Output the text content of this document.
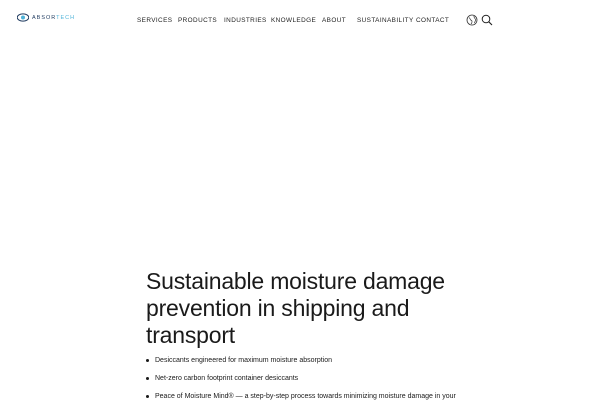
ABSORTECH	SERVICES PRODUCTS INDUSTRIES KNOWLEDGE ABOUT SUSTAINABILITY CONTACT
Sustainable moisture damage prevention in shipping and transport
Desiccants engineered for maximum moisture absorption
Net-zero carbon footprint container desiccants
Peace of Moisture Mind® — a step-by-step process towards minimizing moisture damage in your
